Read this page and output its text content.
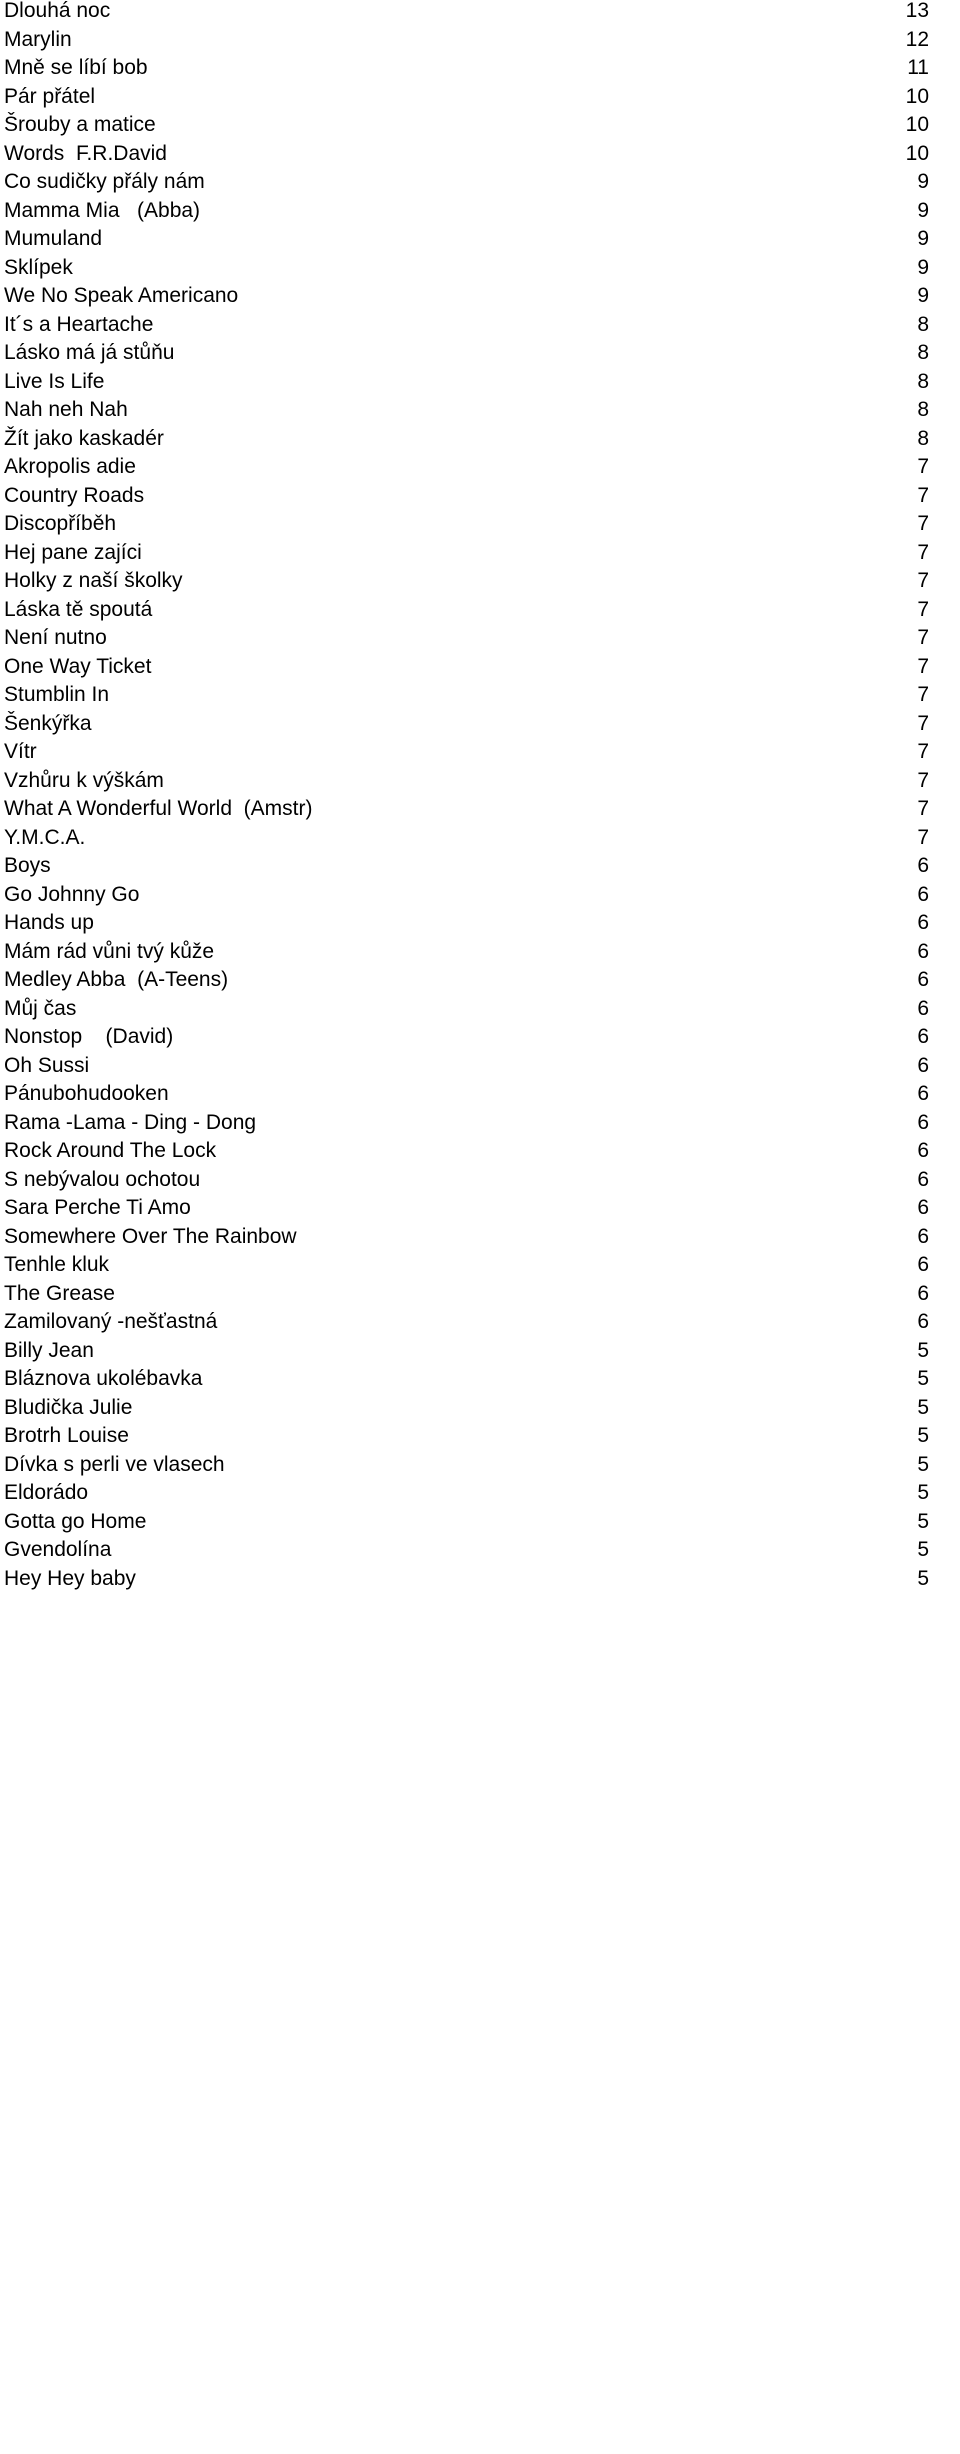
Dlouhá noc	13
Marylin	12
Mně se líbí bob	11
Pár přátel	10
Šrouby a matice	10
Words  F.R.David	10
Co sudičky přály nám	9
Mamma Mia   (Abba)	9
Mumuland	9
Sklípek	9
We No Speak Americano	9
It´s a Heartache	8
Lásko má já stůňu	8
Live Is Life	8
Nah neh Nah	8
Žít jako kaskadér	8
Akropolis adie	7
Country Roads	7
Discopříběh	7
Hej pane zajíci	7
Holky z naší školky	7
Láska tě spoutá	7
Není nutno	7
One Way Ticket	7
Stumblin In	7
Šenkýřka	7
Vítr	7
Vzhůru k výškám	7
What A Wonderful World  (Amstr)	7
Y.M.C.A.	7
Boys	6
Go Johnny Go	6
Hands up	6
Mám rád vůni tvý kůže	6
Medley Abba  (A-Teens)	6
Můj čas	6
Nonstop    (David)	6
Oh Sussi	6
Pánubohudooken	6
Rama -Lama - Ding - Dong	6
Rock Around The Lock	6
S nebývalou ochotou	6
Sara Perche Ti Amo	6
Somewhere Over The Rainbow	6
Tenhle kluk	6
The Grease	6
Zamilovaný -nešťastná	6
Billy Jean	5
Bláznova ukolébavka	5
Bludička Julie	5
Brotrh Louise	5
Dívka s perli ve vlasech	5
Eldorádo	5
Gotta go Home	5
Gvendolína	5
Hey Hey baby	5
